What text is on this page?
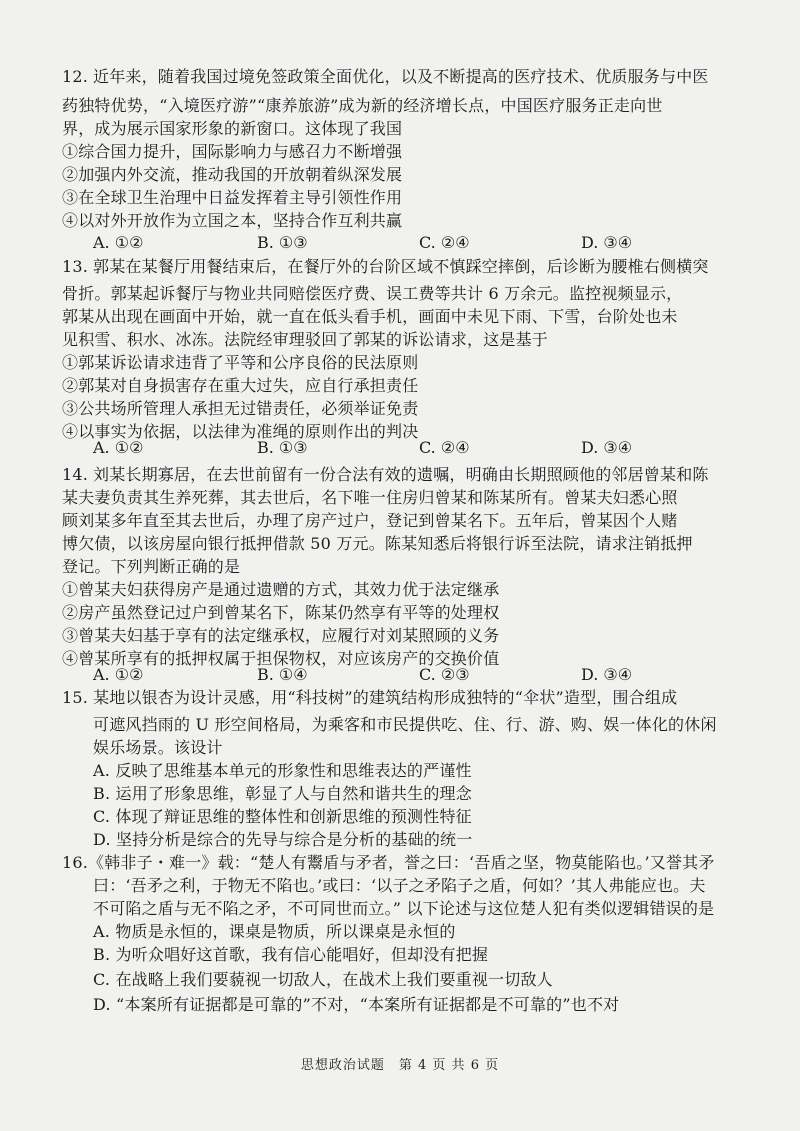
12. 近年来，随着我国过境免签政策全面优化，以及不断提高的医疗技术、优质服务与中医
药独特优势，“入境医疗游”“康养旅游”成为新的经济增长点，中国医疗服务正走向世
界，成为展示国家形象的新窗口。这体现了我国
①综合国力提升，国际影响力与感召力不断增强
②加强内外交流，推动我国的开放朝着纵深发展
③在全球卫生治理中日益发挥着主导引领性作用
④以对外开放作为立国之本，坚持合作互利共赢
A. ①②	B. ①③	C. ②④	D. ③④
13. 郭某在某餐厅用餐结束后，在餐厅外的台阶区域不慎踩空摔倒，后诊断为腰椎右侧横突
骨折。郭某起诉餐厅与物业共同赔偿医疗费、误工费等共计 6 万余元。监控视频显示，
郭某从出现在画面中开始，就一直在低头看手机，画面中未见下雨、下雪，台阶处也未
见积雪、积水、冰冻。法院经审理驳回了郭某的诉讼请求，这是基于
①郭某诉讼请求违背了平等和公序良俗的民法原则
②郭某对自身损害存在重大过失，应自行承担责任
③公共场所管理人承担无过错责任，必须举证免责
④以事实为依据，以法律为准绳的原则作出的判决
A. ①②	B. ①③	C. ②④	D. ③④
14. 刘某长期寡居，在去世前留有一份合法有效的遗嘱，明确由长期照顾他的邻居曾某和陈
某夫妻负责其生养死葬，其去世后，名下唯一住房归曾某和陈某所有。曾某夫妇悉心照
顾刘某多年直至其去世后，办理了房产过户，登记到曾某名下。五年后，曾某因个人赌
博欠债，以该房屋向银行抵押借款 50 万元。陈某知悉后将银行诉至法院，请求注销抵押
登记。下列判断正确的是
①曾某夫妇获得房产是通过遗赠的方式，其效力优于法定继承
②房产虽然登记过户到曾某名下，陈某仍然享有平等的处理权
③曾某夫妇基于享有的法定继承权，应履行对刘某照顾的义务
④曾某所享有的抵押权属于担保物权，对应该房产的交换价值
A. ①②	B. ①④	C. ②③	D. ③④
15. 某地以银杏为设计灵感，用“科技树”的建筑结构形成独特的“伞状”造型，围合组成
可遮风挡雨的 U 形空间格局，为乘客和市民提供吃、住、行、游、购、娱一体化的休闲
娱乐场景。该设计
A. 反映了思维基本单元的形象性和思维表达的严谨性
B. 运用了形象思维，彰显了人与自然和谐共生的理念
C. 体现了辩证思维的整体性和创新思维的预测性特征
D. 坚持分析是综合的先导与综合是分析的基础的统一
16. 《韩非子・难一》载：“楚人有鬻盾与矛者，誉之曰：‘吾盾之坚，物莫能陷也。’又誉其矛
曰：‘吾矛之利，于物无不陷也。’或曰：‘以子之矛陷子之盾，何如？’其人弗能应也。夫
不可陷之盾与无不陷之矛，不可同世而立。” 以下论述与这位楚人犯有类似逻辑错误的是
A. 物质是永恒的，课桌是物质，所以课桌是永恒的
B. 为听众唱好这首歌，我有信心能唱好，但却没有把握
C. 在战略上我们要藐视一切敌人，在战术上我们要重视一切敌人
D. “本案所有证据都是可靠的”不对，“本案所有证据都是不可靠的”也不对
思想政治试题　第 4 页 共 6 页
